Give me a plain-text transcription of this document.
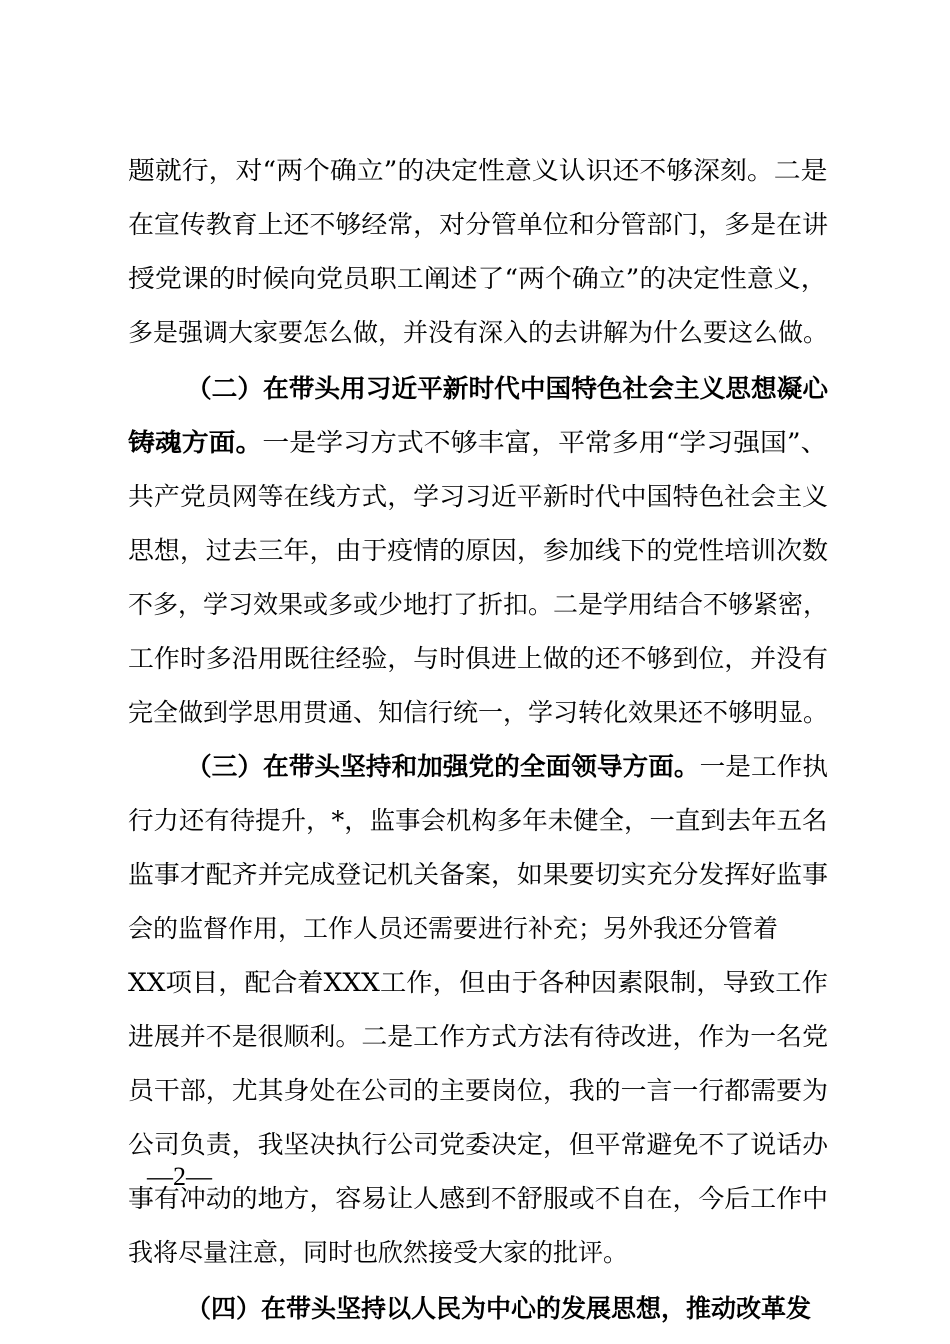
题就行，对“两个确立”的决定性意义认识还不够深刻。二是
在宣传教育上还不够经常，对分管单位和分管部门，多是在讲
授党课的时候向党员职工阐述了“两个确立”的决定性意义，
多是强调大家要怎么做，并没有深入的去讲解为什么要这么做。
（二）在带头用习近平新时代中国特色社会主义思想凝心
铸魂方面。一是学习方式不够丰富，平常多用“学习强国”、
共产党员网等在线方式，学习习近平新时代中国特色社会主义
思想，过去三年，由于疫情的原因，参加线下的党性培训次数
不多，学习效果或多或少地打了折扣。二是学用结合不够紧密，
工作时多沿用既往经验，与时俱进上做的还不够到位，并没有
完全做到学思用贯通、知信行统一，学习转化效果还不够明显。
（三）在带头坚持和加强党的全面领导方面。一是工作执
行力还有待提升，*，监事会机构多年未健全，一直到去年五名
监事才配齐并完成登记机关备案，如果要切实充分发挥好监事
会的监督作用，工作人员还需要进行补充；另外我还分管着
XX项目，配合着XXX工作，但由于各种因素限制，导致工作
进展并不是很顺利。二是工作方式方法有待改进，作为一名党
员干部，尤其身处在公司的主要岗位，我的一言一行都需要为
公司负责，我坚决执行公司党委决定，但平常避免不了说话办
事有冲动的地方，容易让人感到不舒服或不自在，今后工作中
我将尽量注意，同时也欣然接受大家的批评。
（四）在带头坚持以人民为中心的发展思想，推动改革发
—2—
